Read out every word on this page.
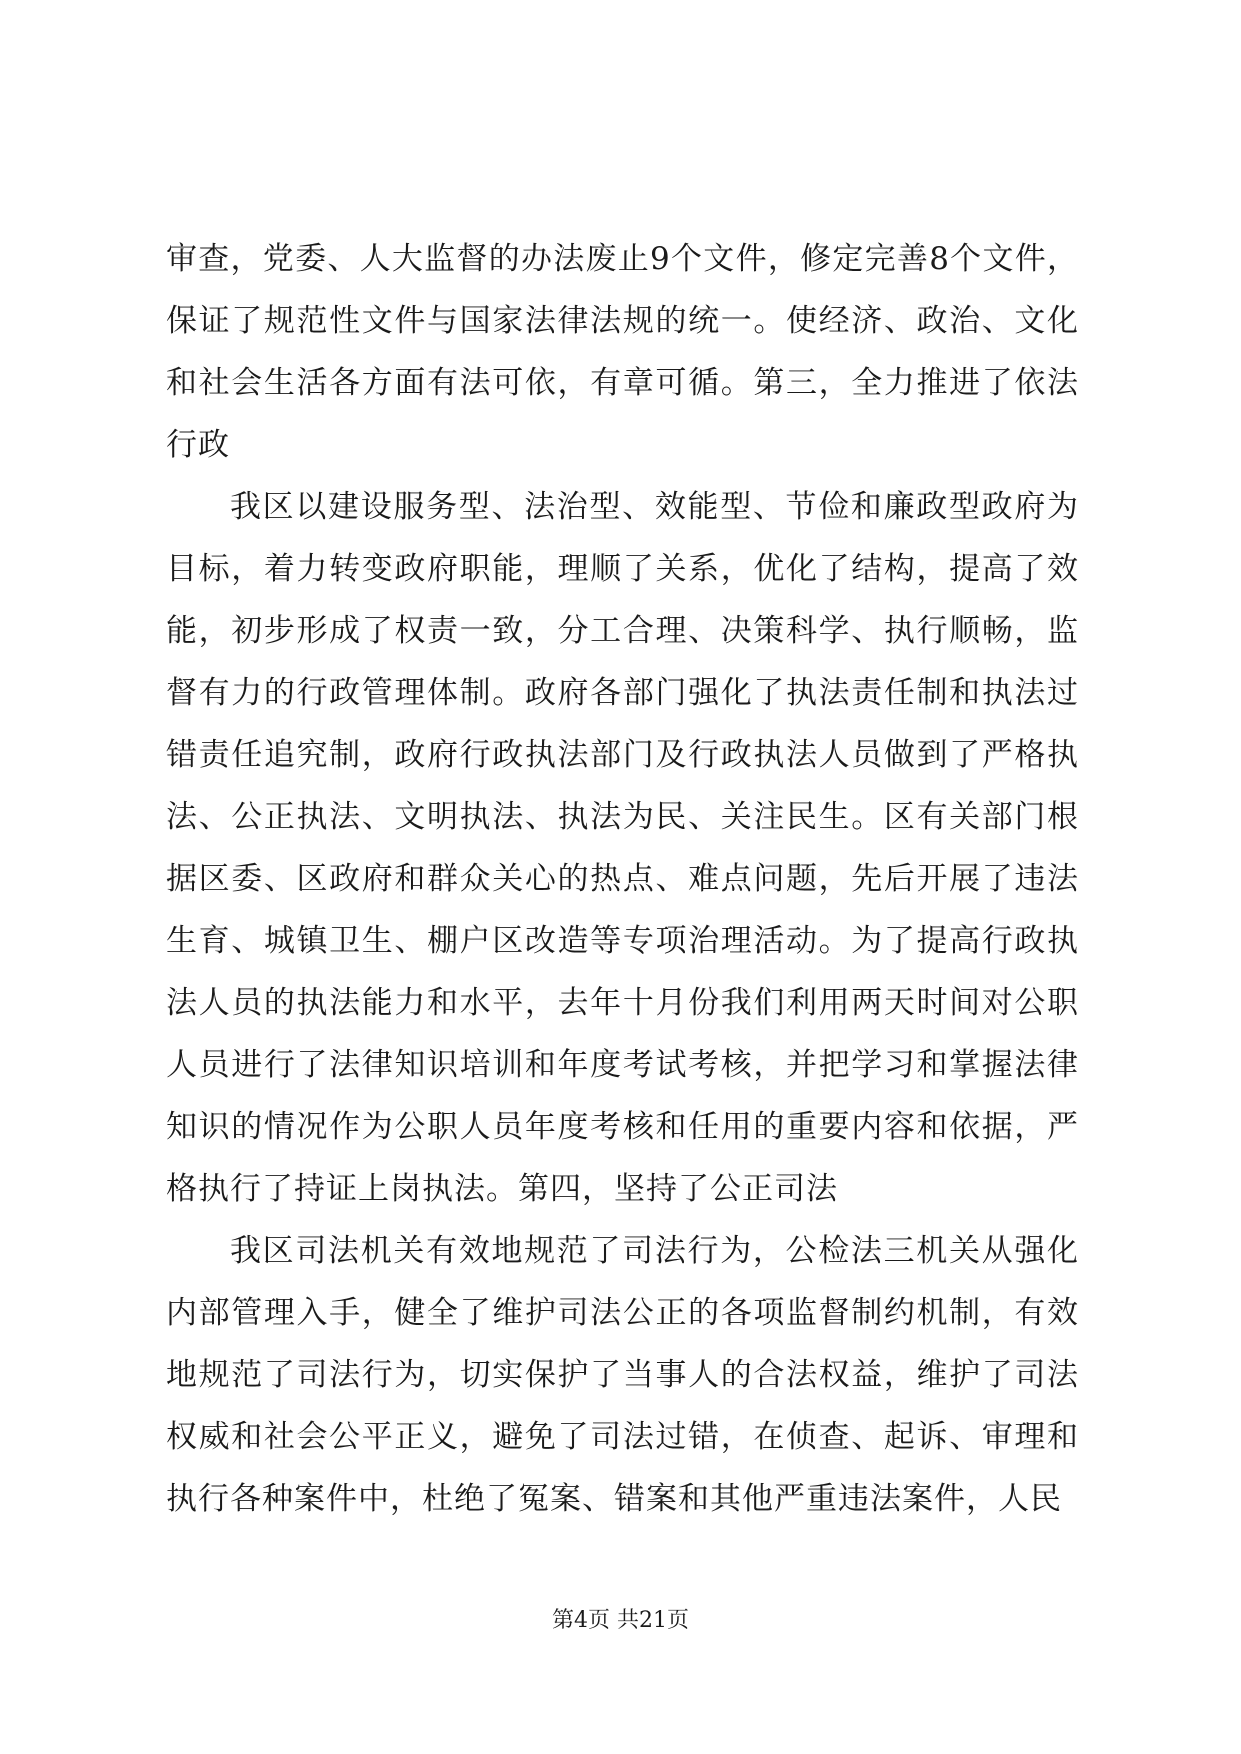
审查，党委、人大监督的办法废止9个文件，修定完善8个文件，保证了规范性文件与国家法律法规的统一。使经济、政治、文化和社会生活各方面有法可依，有章可循。第三，全力推进了依法行政

我区以建设服务型、法治型、效能型、节俭和廉政型政府为目标，着力转变政府职能，理顺了关系，优化了结构，提高了效能，初步形成了权责一致，分工合理、决策科学、执行顺畅，监督有力的行政管理体制。政府各部门强化了执法责任制和执法过错责任追究制，政府行政执法部门及行政执法人员做到了严格执法、公正执法、文明执法、执法为民、关注民生。区有关部门根据区委、区政府和群众关心的热点、难点问题，先后开展了违法生育、城镇卫生、棚户区改造等专项治理活动。为了提高行政执法人员的执法能力和水平，去年十月份我们利用两天时间对公职人员进行了法律知识培训和年度考试考核，并把学习和掌握法律知识的情况作为公职人员年度考核和任用的重要内容和依据，严格执行了持证上岗执法。第四，坚持了公正司法

我区司法机关有效地规范了司法行为，公检法三机关从强化内部管理入手，健全了维护司法公正的各项监督制约机制，有效地规范了司法行为，切实保护了当事人的合法权益，维护了司法权威和社会公平正义，避免了司法过错，在侦查、起诉、审理和执行各种案件中，杜绝了冤案、错案和其他严重违法案件，人民

第4页 共21页
